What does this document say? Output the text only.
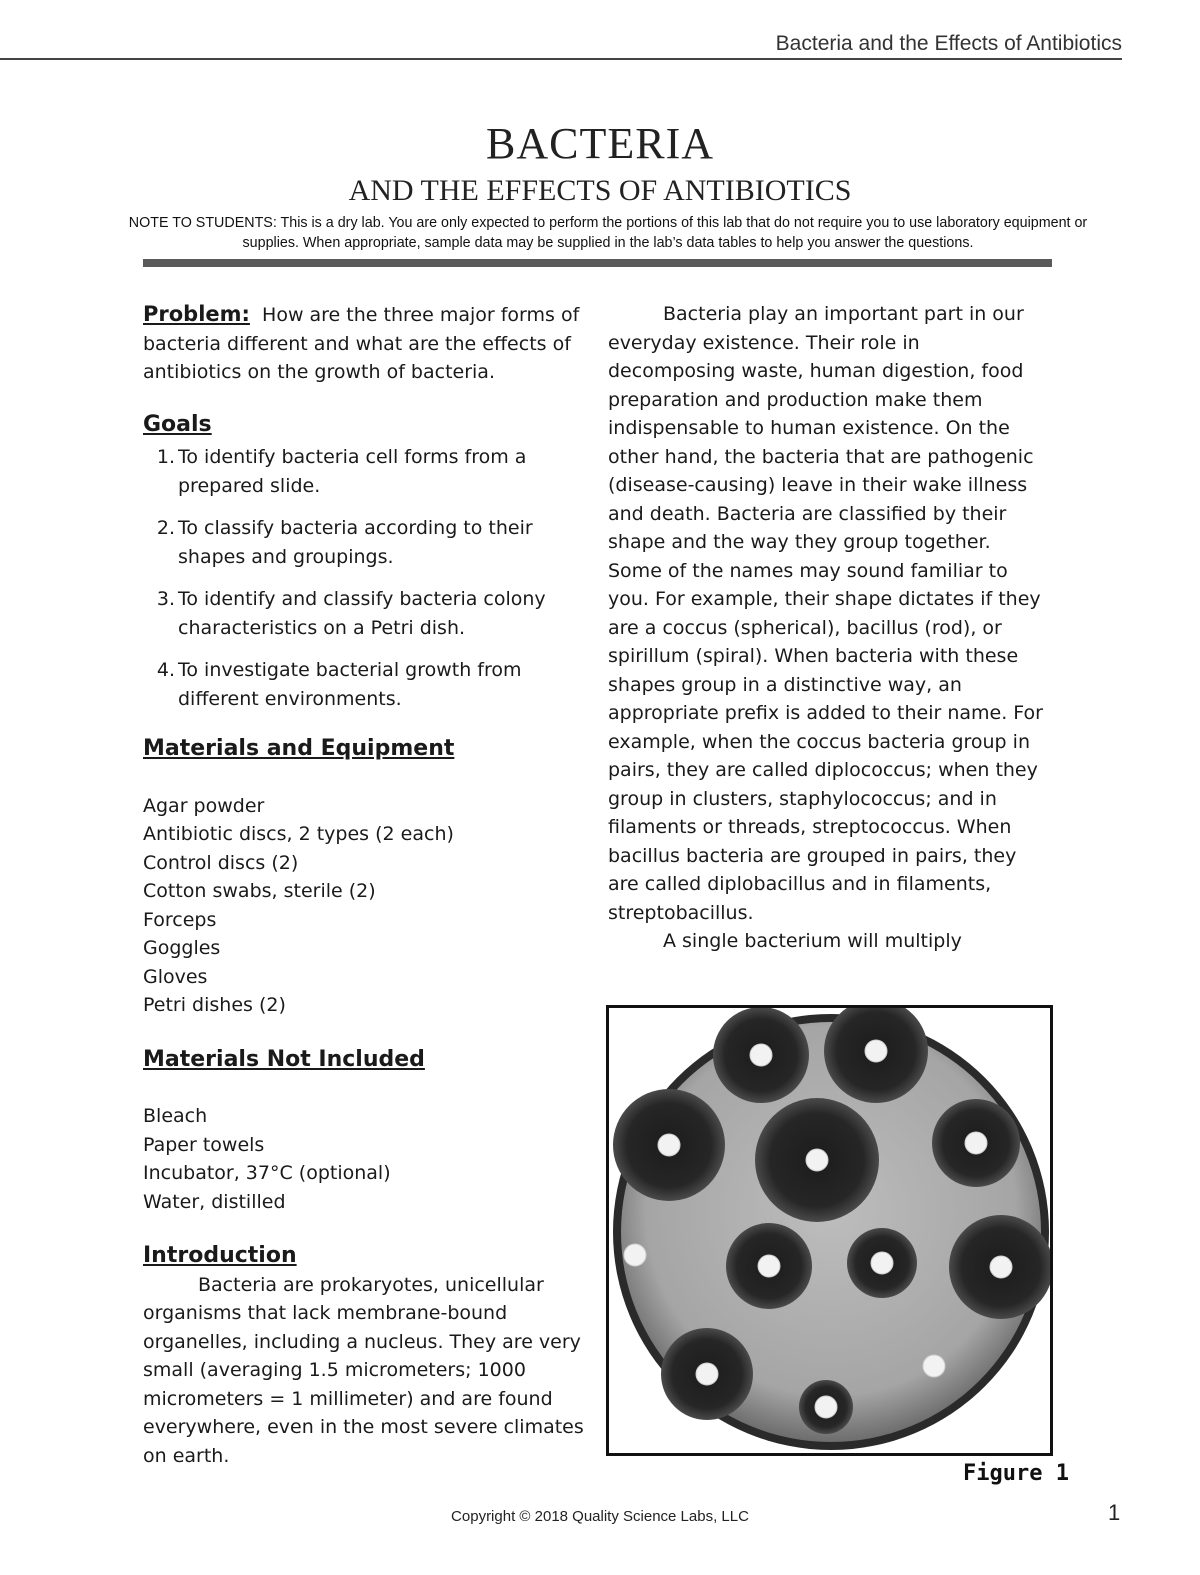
Bacteria and the Effects of Antibiotics
BACTERIA
AND THE EFFECTS OF ANTIBIOTICS
NOTE TO STUDENTS: This is a dry lab. You are only expected to perform the portions of this lab that do not require you to use laboratory equipment or supplies. When appropriate, sample data may be supplied in the lab’s data tables to help you answer the questions.

Problem: How are the three major forms of bacteria different and what are the effects of antibiotics on the growth of bacteria.

Goals
1. To identify bacteria cell forms from a prepared slide.
2. To classify bacteria according to their shapes and groupings.
3. To identify and classify bacteria colony characteristics on a Petri dish.
4. To investigate bacterial growth from different environments.
Materials and Equipment
Agar powder
Antibiotic discs, 2 types (2 each)
Control discs (2)
Cotton swabs, sterile (2)
Forceps
Goggles
Gloves
Petri dishes (2)
Materials Not Included
Bleach
Paper towels
Incubator, 37°C (optional)
Water, distilled
Introduction

Bacteria are prokaryotes, unicellular organisms that lack membrane-bound organelles, including a nucleus. They are very small (averaging 1.5 micrometers; 1000 micrometers = 1 millimeter) and are found everywhere, even in the most severe climates on earth.

Bacteria play an important part in our everyday existence. Their role in decomposing waste, human digestion, food preparation and production make them indispensable to human existence. On the other hand, the bacteria that are pathogenic (disease-causing) leave in their wake illness and death. Bacteria are classified by their shape and the way they group together. Some of the names may sound familiar to you. For example, their shape dictates if they are a coccus (spherical), bacillus (rod), or spirillum (spiral). When bacteria with these shapes group in a distinctive way, an appropriate prefix is added to their name. For example, when the coccus bacteria group in pairs, they are called diplococcus; when they group in clusters, staphylococcus; and in filaments or threads, streptococcus. When bacillus bacteria are grouped in pairs, they are called diplobacillus and in filaments, streptobacillus.

A single bacterium will multiply

Figure 1
Copyright © 2018 Quality Science Labs, LLC	1
